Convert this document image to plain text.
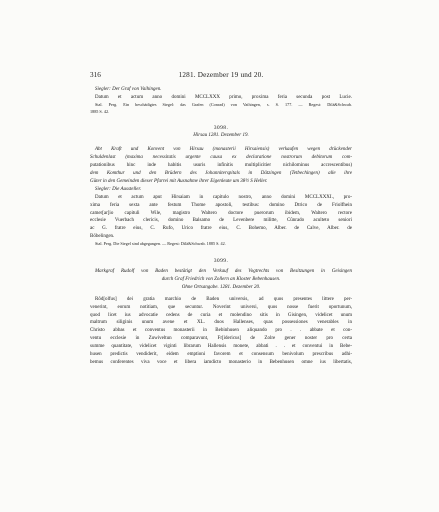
316	1281. Dezember 19 und 20.
Siegler: Der Graf von Vaihingen.
Datum et actum anno domini MCCLXXX primo, proxima feria secunda post Lucie.
Stal. Perg. Ein beschädigtes Siegel: das Grafen (Conrad) von Vaihingen, s. S. 177. — Regest: Dilä&Schwab.
1885 S. 42.
3098.
Hirsau 1281. Dezember 19.
Abt Kraft und Konvent von Hirsau (monasterii Hirsaiensis) verkaufen wegen drückender
Schuldenlast (maxima necessitatis urgente causa ex declaratione nostrorum debitorum com-
putationibus hinc inde habitis usuris infinitis multiplicitier nichilominus accrescentibus)
dem Komthur und den Brüdern des Johanniterspitals in Dätzingen (Tetbechingen) alle ihre
Güter in den Gemeinden dieser Pfarrei mit Ausnahme ihrer Eigenleute um 38½ S Heller.
Siegler: Die Aussteller.
Datum et actum aput Hirsaiam in capitulo nostro, anno domini MCCLXXXI., pro-
xima feria sexta ante festum Thome apostoli, testibus: domino Dtrico de Friolfhein
camer[ar]io capituli Wile, magistro Waltero doctore puerorum ibidem, Waltero rectore
ecclesie Vuerbach clericis, domino Balsamo de Levenbere militte, Cûnrado aculteto seniori
ac G. fratre eius, C. Rufo, Urico fratre eius, C. Bohemo, Alber. de Calve, Alber. de
Böbelingen.
Stal. Perg. Die Siegel sind abgegangen. — Regest: Dilä&Schwab. 1885 S. 42.
3099.
Markgraf Rudolf von Baden bestätigt den Verkauf des Vogtrechts von Besitzungen in Geisingen
durch Graf Friedrich von Zollern an Kloster Bebenhausen.
Ohne Ortsangabe. 1281. Dezember 20.
Rôd[olfus] dei gratia marchio de Baden universis, ad quos presentes littere per-
venerint, eorum notitiam, que secuntur. Noverint universi, quos nosse fuerit oportunum,
quod licet ius advocatie cedens de curia et molendino sitis in Gisingen, videlicet unum
maltrum siliginis unum avene et XL. duos Hallenses, quas possessiones venerables in
Christo abbas et conventus monasterii in Bebinhusen aliquando pro . . abbate et con-
ventu ecclesie in Zuwiveltun comparavunt, Fr[idericus] de Zolre gener noster pro certa
summe quantitate, videlicet viginti librarum Hallensis monete, abbati . . et conventui in Bebe-
husen predictis vendiderit, eidem emptioni favorem et consensum benivolum prescribus adhi-
bemus conferentes viva voce et libera iamdicto monasterio in Bebenhusen omne ius libertatis,
